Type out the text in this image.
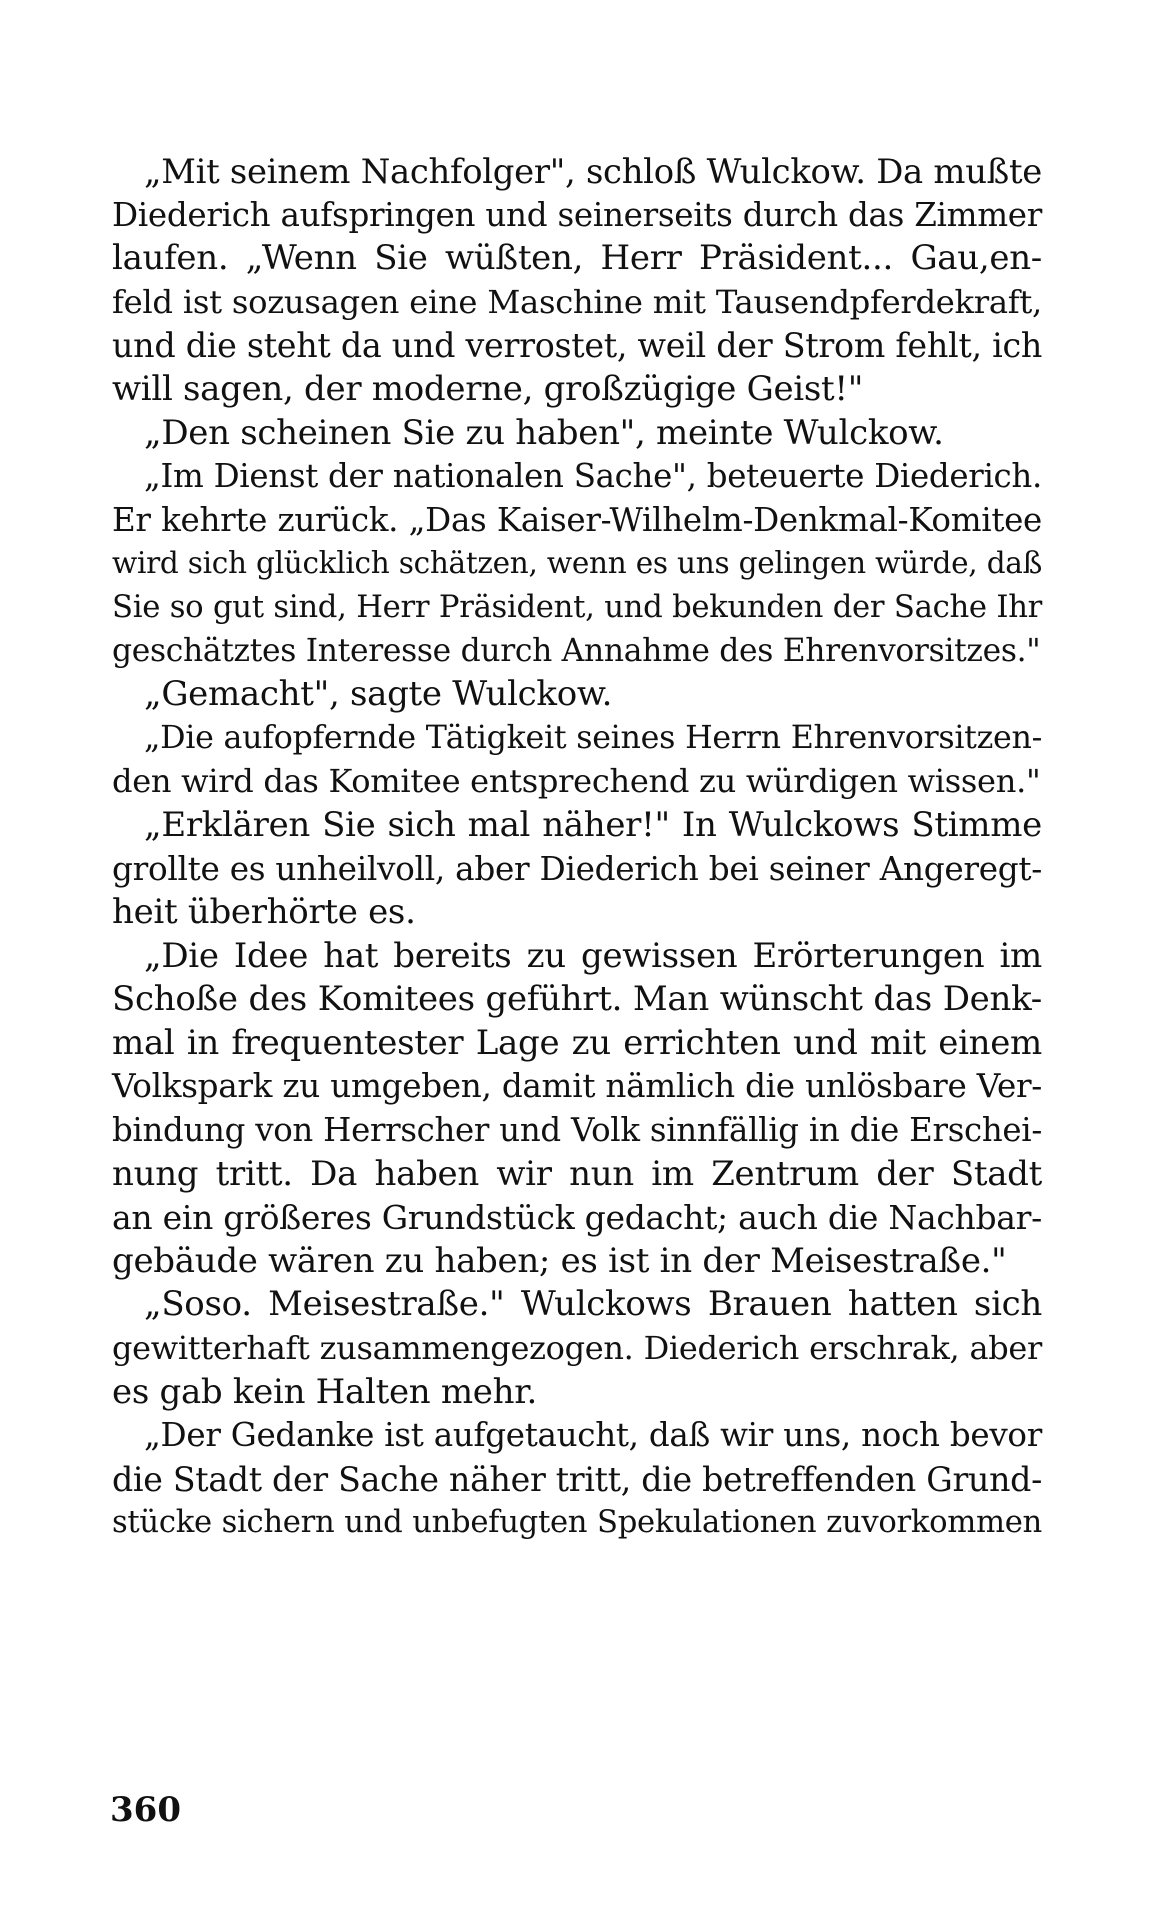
„Mit seinem Nachfolger", schloß Wulckow. Da mußte
Diederich aufspringen und seinerseits durch das Zimmer
laufen. „Wenn Sie wüßten, Herr Präsident... Gau,en-
feld ist sozusagen eine Maschine mit Tausendpferdekraft,
und die steht da und verrostet, weil der Strom fehlt, ich
will sagen, der moderne, großzügige Geist!"
„Den scheinen Sie zu haben", meinte Wulckow.
„Im Dienst der nationalen Sache", beteuerte Diederich.
Er kehrte zurück. „Das Kaiser-Wilhelm-Denkmal-Komitee
wird sich glücklich schätzen, wenn es uns gelingen würde, daß
Sie so gut sind, Herr Präsident, und bekunden der Sache Ihr
geschätztes Interesse durch Annahme des Ehrenvorsitzes."
„Gemacht", sagte Wulckow.
„Die aufopfernde Tätigkeit seines Herrn Ehrenvorsitzen-
den wird das Komitee entsprechend zu würdigen wissen."
„Erklären Sie sich mal näher!" In Wulckows Stimme
grollte es unheilvoll, aber Diederich bei seiner Angeregt-
heit überhörte es.
„Die Idee hat bereits zu gewissen Erörterungen im
Schoße des Komitees geführt. Man wünscht das Denk-
mal in frequentester Lage zu errichten und mit einem
Volkspark zu umgeben, damit nämlich die unlösbare Ver-
bindung von Herrscher und Volk sinnfällig in die Erschei-
nung tritt. Da haben wir nun im Zentrum der Stadt
an ein größeres Grundstück gedacht; auch die Nachbar-
gebäude wären zu haben; es ist in der Meisestraße."
„Soso. Meisestraße." Wulckows Brauen hatten sich
gewitterhaft zusammengezogen. Diederich erschrak, aber
es gab kein Halten mehr.
„Der Gedanke ist aufgetaucht, daß wir uns, noch bevor
die Stadt der Sache näher tritt, die betreffenden Grund-
stücke sichern und unbefugten Spekulationen zuvorkommen
360
